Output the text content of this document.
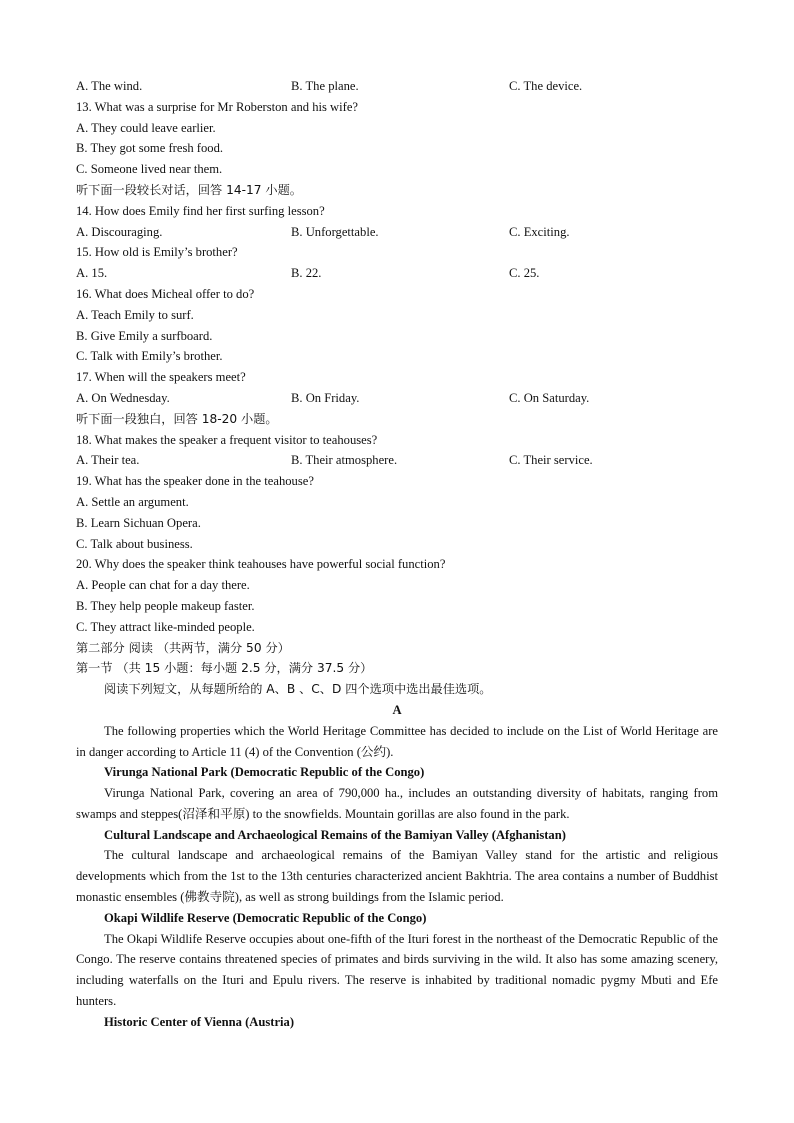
A. The wind.	B. The plane.	C. The device.
13. What was a surprise for Mr Roberston and his wife?
A. They could leave earlier.
B. They got some fresh food.
C. Someone lived near them.
听下面一段较长对话，回答 14-17 小题。
14. How does Emily find her first surfing lesson?
A. Discouraging.	B. Unforgettable.	C. Exciting.
15. How old is Emily’s brother?
A. 15.	B. 22.	C. 25.
16. What does Micheal offer to do?
A. Teach Emily to surf.
B. Give Emily a surfboard.
C. Talk with Emily’s brother.
17. When will the speakers meet?
A. On Wednesday.	B. On Friday.	C. On Saturday.
听下面一段独白，回答 18-20 小题。
18. What makes the speaker a frequent visitor to teahouses?
A. Their tea.	B. Their atmosphere.	C. Their service.
19. What has the speaker done in the teahouse?
A. Settle an argument.
B. Learn Sichuan Opera.
C. Talk about business.
20. Why does the speaker think teahouses have powerful social function?
A. People can chat for a day there.
B. They help people makeup faster.
C. They attract like-minded people.
第二部分 阅读 （共两节，满分 50 分）
第一节 （共 15 小题：每小题 2.5 分，满分 37.5 分）
阅读下列短文，从每题所给的 A、B 、C、D 四个选项中选出最佳选项。
A

The following properties which the World Heritage Committee has decided to include on the List of World Heritage are in danger according to Article 11 (4) of the Convention (公约).

Virunga National Park (Democratic Republic of the Congo)

Virunga National Park, covering an area of 790,000 ha., includes an outstanding diversity of habitats, ranging from swamps and steppes(沼泽和平原) to the snowfields. Mountain gorillas are also found in the park.

Cultural Landscape and Archaeological Remains of the Bamiyan Valley (Afghanistan)

The cultural landscape and archaeological remains of the Bamiyan Valley stand for the artistic and religious developments which from the 1st to the 13th centuries characterized ancient Bakhtria. The area contains a number of Buddhist monastic ensembles (佛教寺院), as well as strong buildings from the Islamic period.

Okapi Wildlife Reserve (Democratic Republic of the Congo)

The Okapi Wildlife Reserve occupies about one-fifth of the Ituri forest in the northeast of the Democratic Republic of the Congo. The reserve contains threatened species of primates and birds surviving in the wild. It also has some amazing scenery, including waterfalls on the Ituri and Epulu rivers. The reserve is inhabited by traditional nomadic pygmy Mbuti and Efe hunters.

Historic Center of Vienna (Austria)
